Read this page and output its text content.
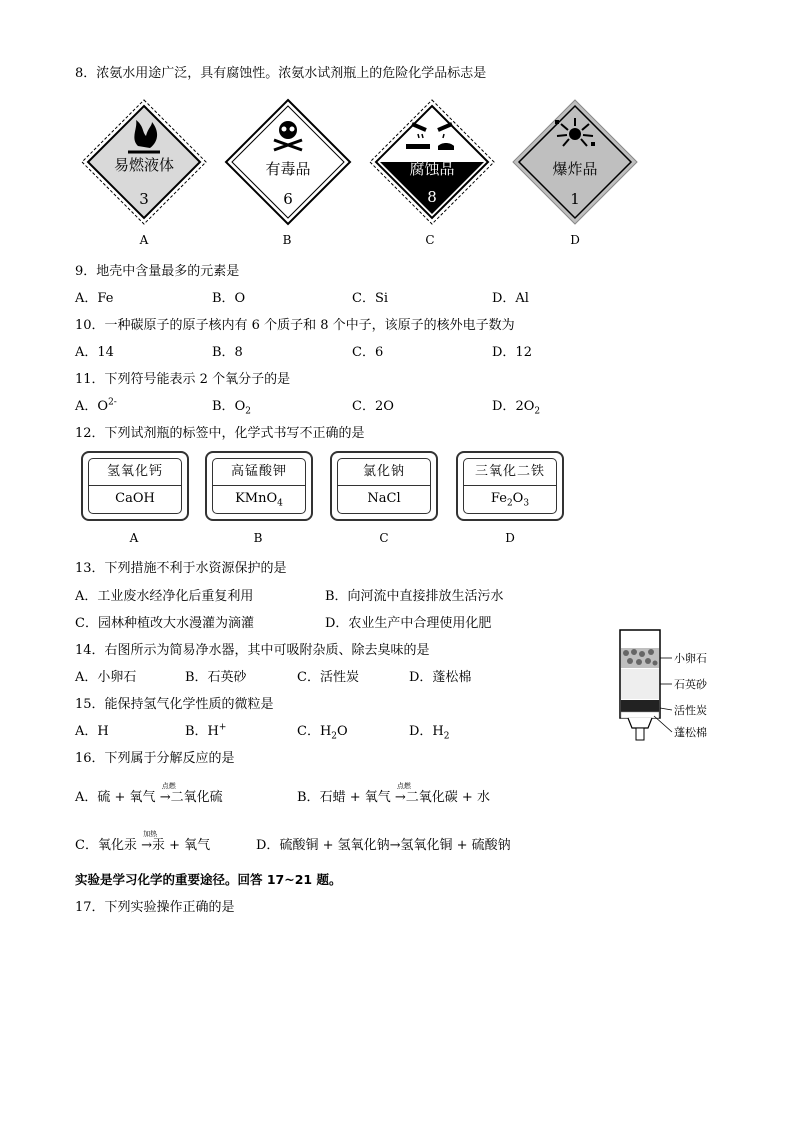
8．浓氨水用途广泛，具有腐蚀性。浓氨水试剂瓶上的危险化学品标志是
易燃液体
3
A
有毒品
6
B
腐蚀品
8
C
爆炸品
1
D
9．地壳中含量最多的元素是
A．Fe	B．O	C．Si	D．Al
10．一种碳原子的原子核内有 6 个质子和 8 个中子，该原子的核外电子数为
A．14	B．8	C．6	D．12
11．下列符号能表示 2 个氧分子的是
A．$O^{2-}$	B．$O_2$	C．2O	D．$2O_2$
12．下列试剂瓶的标签中，化学式书写不正确的是
氢氧化钙
CaOH
A
高锰酸钾
KMnO$_4$
B
氯化钠
NaCl
C
三氧化二铁
$Fe_2O_3$
D
13．下列措施不利于水资源保护的是
A．工业废水经净化后重复利用	B．向河流中直接排放生活污水
C．园林种植改大水漫灌为滴灌	D．农业生产中合理使用化肥
14．右图所示为简易净水器，其中可吸附杂质、除去臭味的是
A．小卵石	B．石英砂	C．活性炭	D．蓬松棉
小卵石
石英砂
活性炭
蓬松棉
15．能保持氢气化学性质的微粒是
A．H	B．H+	C．$H_2O$	D．$H_2$
16．下列属于分解反应的是
A．硫 + 氧气 →
点燃
二氧化硫	B．石蜡 + 氧气 →
点燃
二氧化碳 + 水
C．氧化汞 →
加热
汞 + 氧气	D．硫酸铜 + 氢氧化钠→氢氧化铜 + 硫酸钠
实验是学习化学的重要途径。回答 17~21 题。
17．下列实验操作正确的是
